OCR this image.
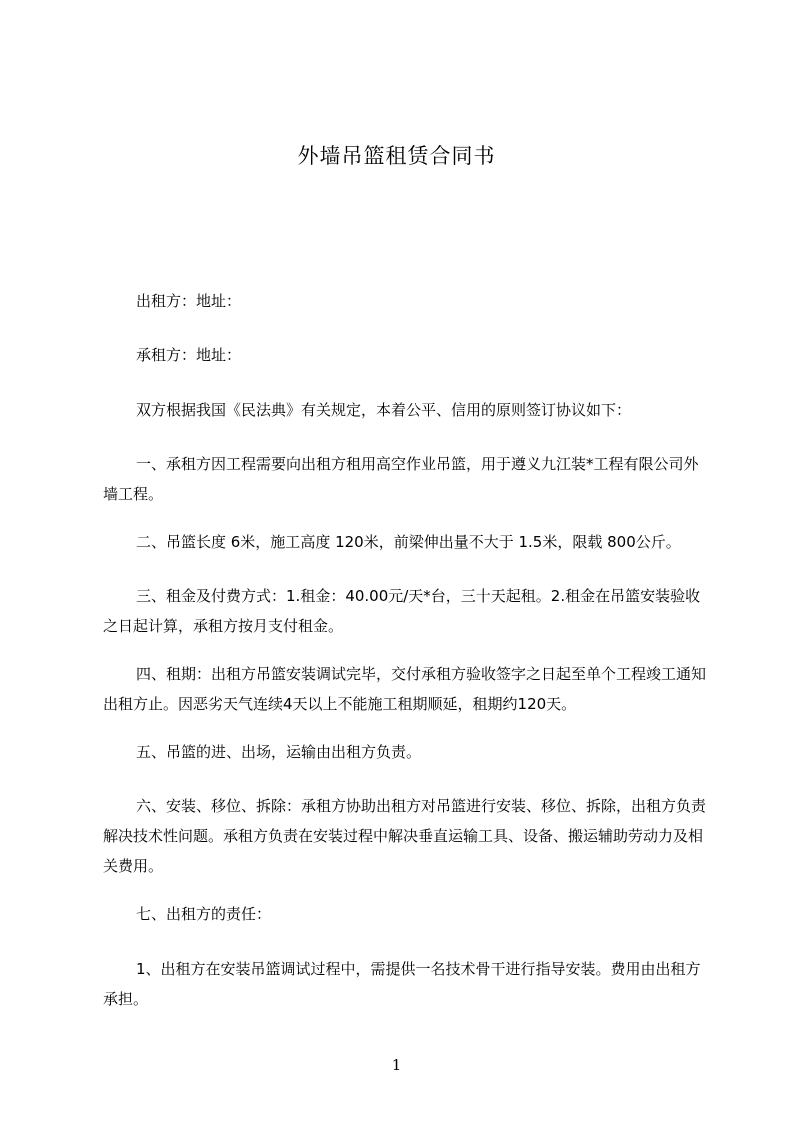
外墙吊篮租赁合同书
出租方：地址：
承租方：地址：
双方根据我国《民法典》有关规定，本着公平、信用的原则签订协议如下：
一、承租方因工程需要向出租方租用高空作业吊篮，用于遵义九江装*工程有限公司外墙工程。
二、吊篮长度 6米，施工高度 120米，前梁伸出量不大于 1.5米，限载 800公斤。
三、租金及付费方式：1.租金：40.00元/天*台，三十天起租。2.租金在吊篮安装验收之日起计算，承租方按月支付租金。
四、租期：出租方吊篮安装调试完毕，交付承租方验收签字之日起至单个工程竣工通知出租方止。因恶劣天气连续4天以上不能施工租期顺延，租期约120天。
五、吊篮的进、出场，运输由出租方负责。
六、安装、移位、拆除：承租方协助出租方对吊篮进行安装、移位、拆除，出租方负责解决技术性问题。承租方负责在安装过程中解决垂直运输工具、设备、搬运辅助劳动力及相关费用。
七、出租方的责任：
1、出租方在安装吊篮调试过程中，需提供一名技术骨干进行指导安装。费用由出租方承担。
1
